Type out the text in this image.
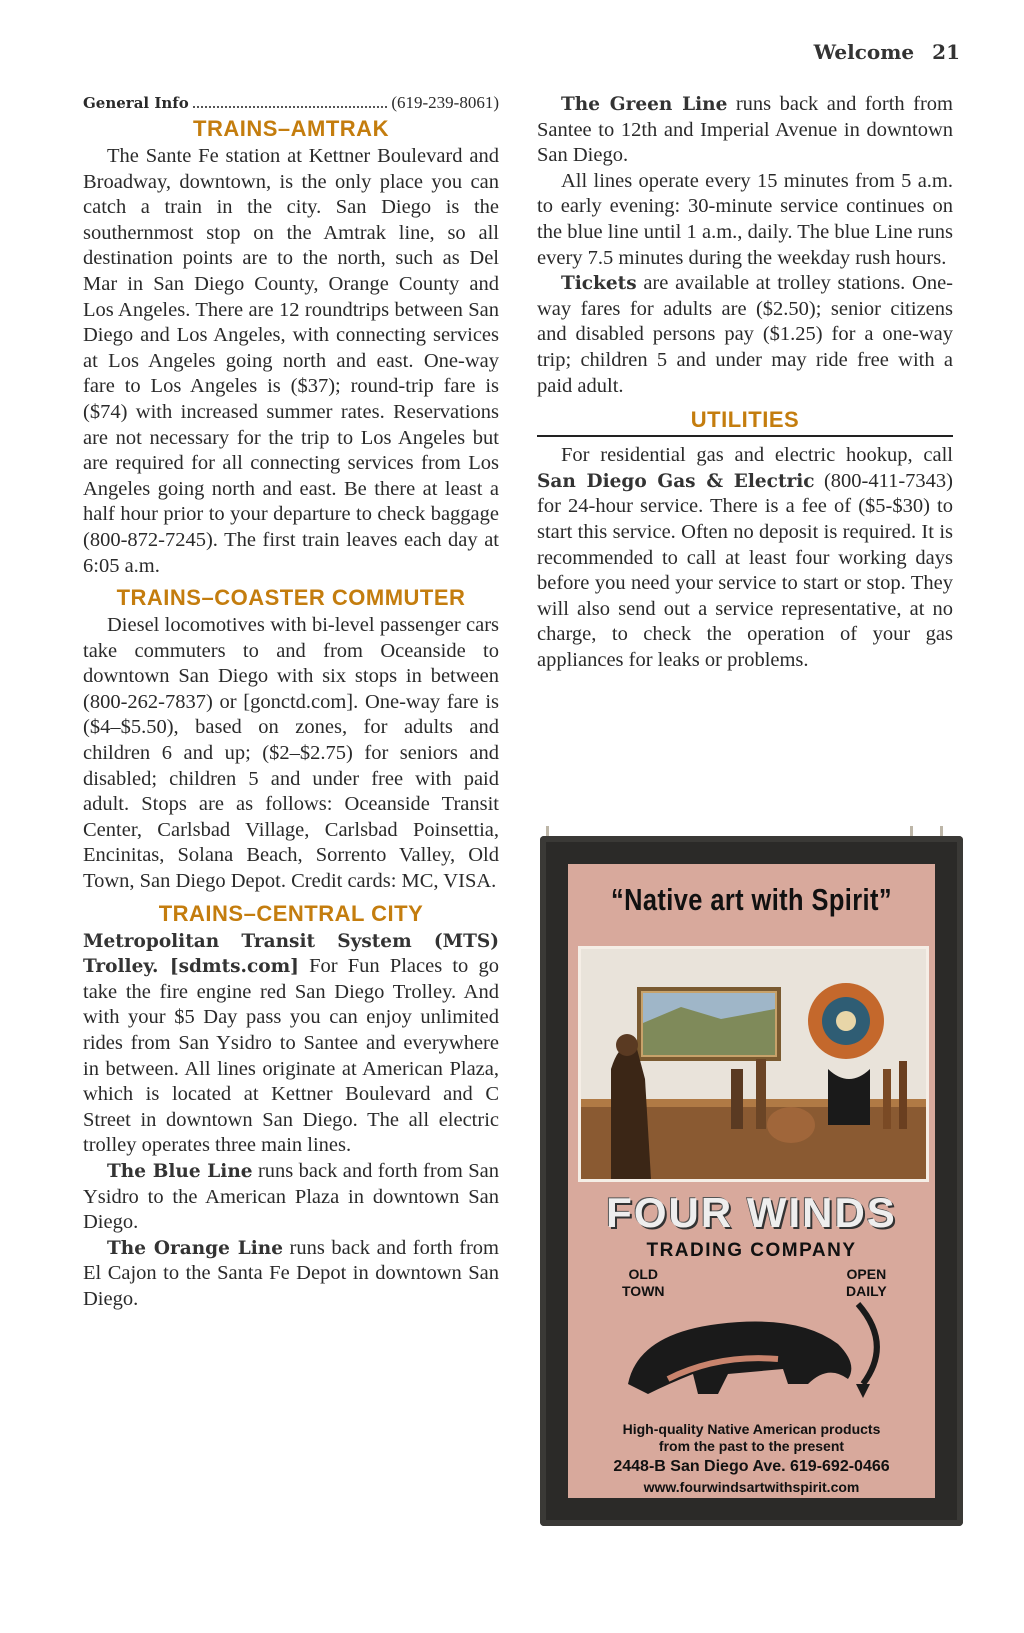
Welcome 21
General Info	(619-239-8061)
TRAINS–AMTRAK

The Sante Fe station at Kettner Boulevard and Broadway, downtown, is the only place you can catch a train in the city. San Diego is the southernmost stop on the Amtrak line, so all destination points are to the north, such as Del Mar in San Diego County, Orange County and Los Angeles. There are 12 roundtrips between San Diego and Los Angeles, with connecting services at Los Angeles going north and east. One-way fare to Los Angeles is ($37); round-trip fare is ($74) with increased summer rates. Reservations are not necessary for the trip to Los Angeles but are required for all connecting services from Los Angeles going north and east. Be there at least a half hour prior to your departure to check baggage (800-872-7245). The first train leaves each day at 6:05 a.m.

TRAINS–COASTER COMMUTER

Diesel locomotives with bi-level passenger cars take commuters to and from Oceanside to downtown San Diego with six stops in between (800-262-7837) or [gonctd.com]. One-way fare is ($4–$5.50), based on zones, for adults and children 6 and up; ($2–$2.75) for seniors and disabled; children 5 and under free with paid adult. Stops are as follows: Oceanside Transit Center, Carlsbad Village, Carlsbad Poinsettia, Encinitas, Solana Beach, Sorrento Valley, Old Town, San Diego Depot. Credit cards: MC, VISA.

TRAINS–CENTRAL CITY

Metropolitan Transit System (MTS) Trolley. [sdmts.com] For Fun Places to go take the fire engine red San Diego Trolley. And with your $5 Day pass you can enjoy unlimited rides from San Ysidro to Santee and everywhere in between. All lines originate at American Plaza, which is located at Kettner Boulevard and C Street in downtown San Diego. The all electric trolley operates three main lines.

The Blue Line runs back and forth from San Ysidro to the American Plaza in downtown San Diego.

The Orange Line runs back and forth from El Cajon to the Santa Fe Depot in downtown San Diego.

The Green Line runs back and forth from Santee to 12th and Imperial Avenue in downtown San Diego.

All lines operate every 15 minutes from 5 a.m. to early evening: 30-minute service continues on the blue line until 1 a.m., daily. The blue Line runs every 7.5 minutes during the weekday rush hours.

Tickets are available at trolley stations. One-way fares for adults are ($2.50); senior citizens and disabled persons pay ($1.25) for a one-way trip; children 5 and under may ride free with a paid adult.

UTILITIES

For residential gas and electric hookup, call San Diego Gas & Electric (800-411-7343) for 24-hour service. There is a fee of ($5-$30) to start this service. Often no deposit is required. It is recommended to call at least four working days before you need your service to start or stop. They will also send out a service representative, at no charge, to check the operation of your gas appliances for leaks or problems.

“Native art with Spirit”
FOUR WINDS
TRADING COMPANY
OLD
TOWN
OPEN
DAILY
High-quality Native American products
from the past to the present
2448-B San Diego Ave. 619-692-0466
www.fourwindsartwithspirit.com
